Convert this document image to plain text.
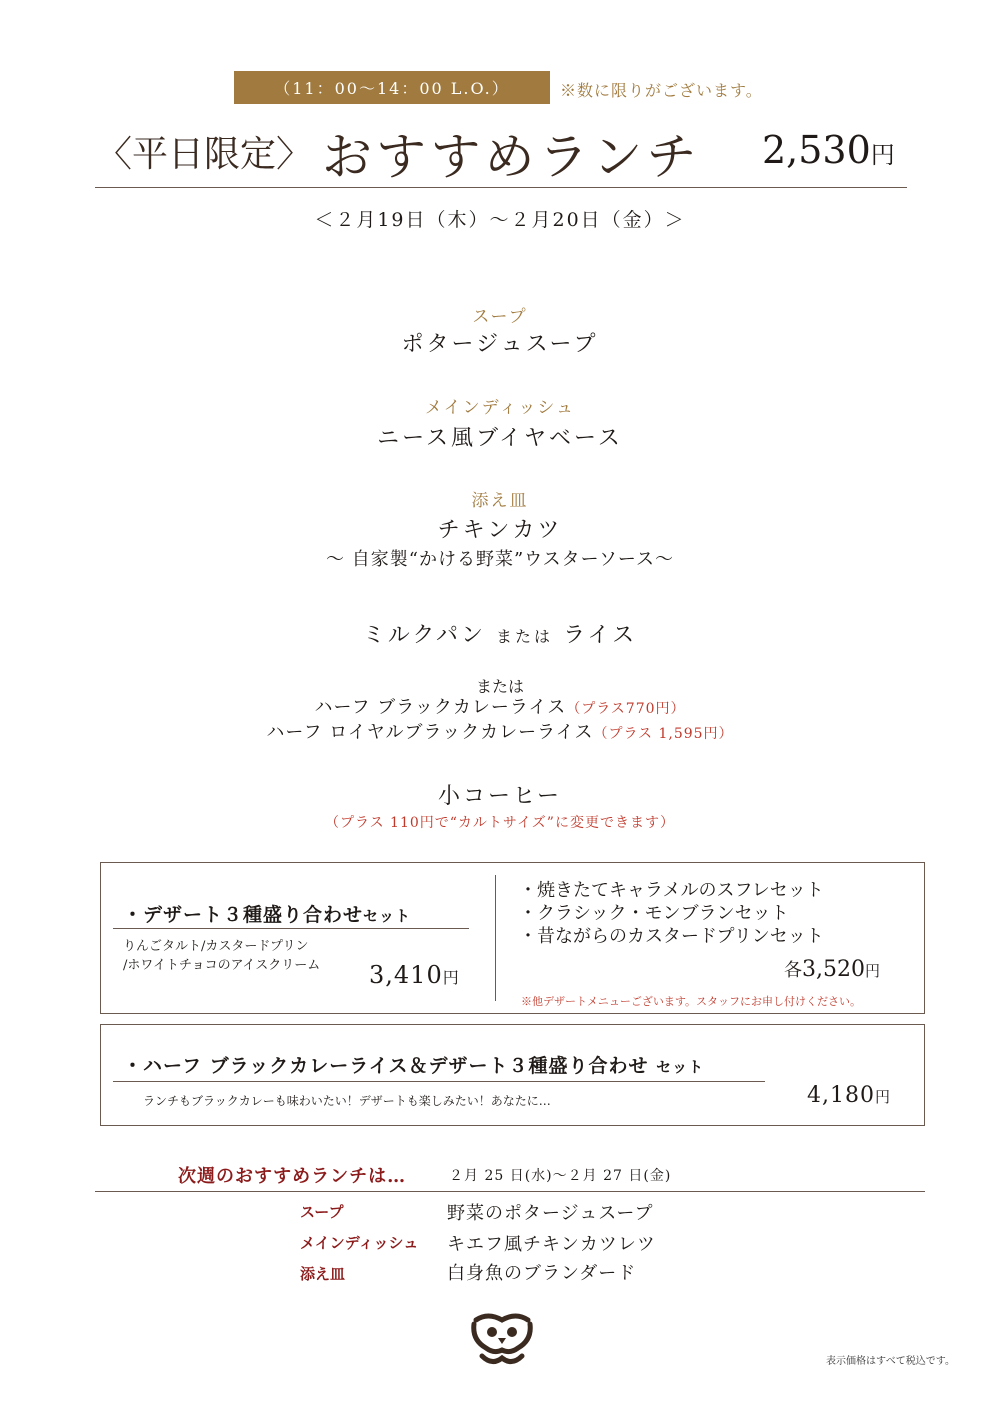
（11：00〜14：00 L.O.）	※数に限りがございます。
〈平日限定〉 おすすめランチ 2,530円
＜２月19日（木）〜２月20日（金）＞
スープ
ポタージュスープ
メインディッシュ
ニース風ブイヤベース
添え皿
チキンカツ
〜 自家製“かける野菜”ウスターソース〜
ミルクパン または ライス
または
ハーフ ブラックカレーライス（プラス770円）
ハーフ ロイヤルブラックカレーライス（プラス 1,595円）
小コーヒー
（プラス 110円で“カルトサイズ”に変更できます）
・デザート３種盛り合わせセット
りんごタルト/カスタードプリン
/ホワイトチョコのアイスクリーム 3,410円
・焼きたてキャラメルのスフレセット
・クラシック・モンブランセット
・昔ながらのカスタードプリンセット
各3,520円
※他デザートメニューございます。スタッフにお申し付けください。
・ハーフ ブラックカレーライス＆デザート３種盛り合わせ セット
ランチもブラックカレーも味わいたい！デザートも楽しみたい！あなたに…	4,180円
次週のおすすめランチは…	２月 25 日(水)〜２月 27 日(金)
スープ	野菜のポタージュスープ
メインディッシュ キエフ風チキンカツレツ
添え皿	白身魚のブランダード
表示価格はすべて税込です。
